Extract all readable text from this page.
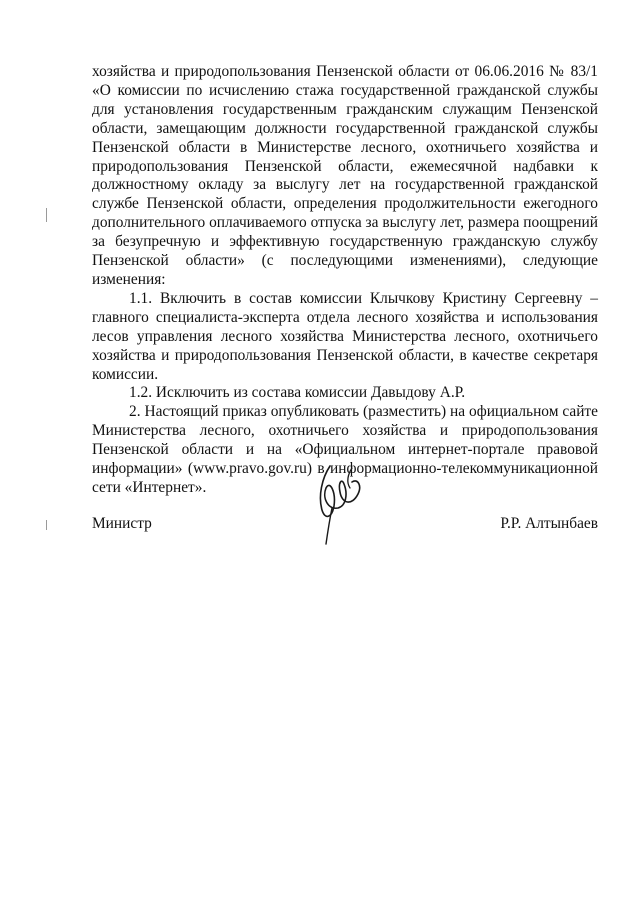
хозяйства и природопользования Пензенской области от 06.06.2016 № 83/1 «О комиссии по исчислению стажа государственной гражданской службы для установления государственным гражданским служащим Пензенской области, замещающим должности государственной гражданской службы Пензенской области в Министерстве лесного, охотничьего хозяйства и природопользования Пензенской области, ежемесячной надбавки к должностному окладу за выслугу лет на государственной гражданской службе Пензенской области, определения продолжительности ежегодного дополнительного оплачиваемого отпуска за выслугу лет, размера поощрений за безупречную и эффективную государственную гражданскую службу Пензенской области» (с последующими изменениями), следующие изменения:

1.1. Включить в состав комиссии Клычкову Кристину Сергеевну – главного специалиста-эксперта отдела лесного хозяйства и использования лесов управления лесного хозяйства Министерства лесного, охотничьего хозяйства и природопользования Пензенской области, в качестве секретаря комиссии.

1.2. Исключить из состава комиссии Давыдову А.Р.

2. Настоящий приказ опубликовать (разместить) на официальном сайте Министерства лесного, охотничьего хозяйства и природопользования Пензенской области и на «Официальном интернет-портале правовой информации» (www.pravo.gov.ru) в информационно-телекоммуникационной сети «Интернет».

Министр	Р.Р. Алтынбаев
